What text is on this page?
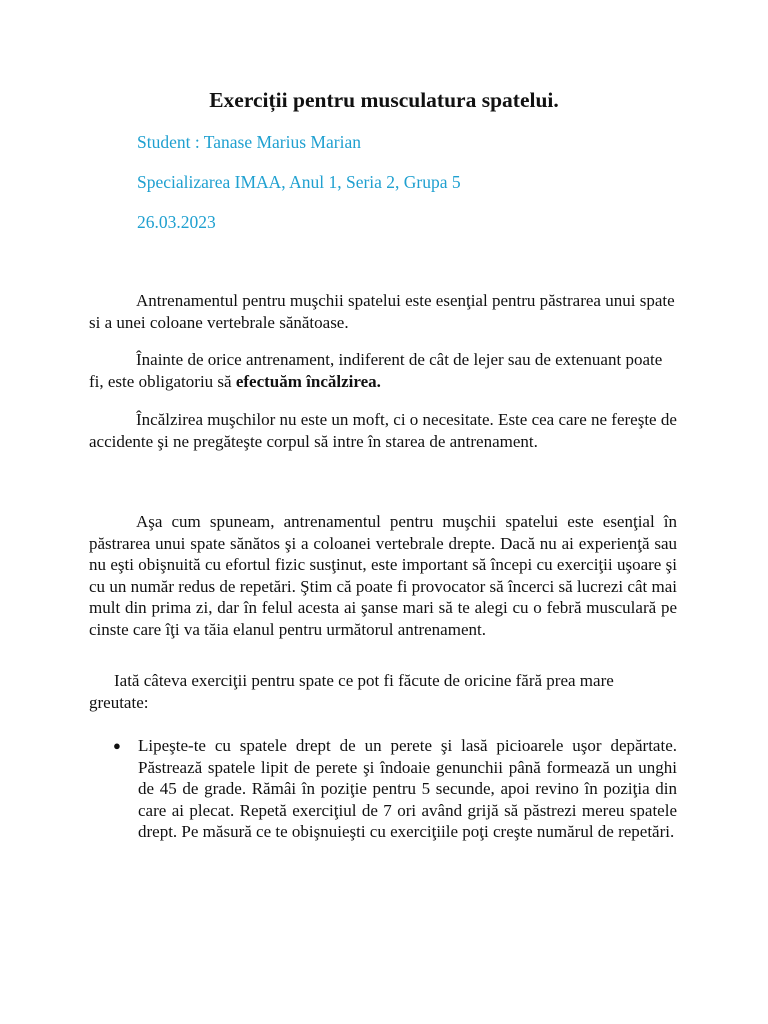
Exerciții pentru musculatura spatelui.

Student : Tanase Marius Marian

Specializarea IMAA, Anul 1, Seria 2, Grupa 5

26.03.2023

Antrenamentul pentru muşchii spatelui este esenţial pentru păstrarea unui spate si a unei coloane vertebrale sănătoase.

Înainte de orice antrenament, indiferent de cât de lejer sau de extenuant poate fi, este obligatoriu să efectuăm încălzirea.

Încălzirea muşchilor nu este un moft, ci o necesitate. Este cea care ne fereşte de accidente şi ne pregăteşte corpul să intre în starea de antrenament.

Aşa cum spuneam, antrenamentul pentru muşchii spatelui este esenţial în păstrarea unui spate sănătos şi a coloanei vertebrale drepte. Dacă nu ai experienţă sau nu eşti obişnuită cu efortul fizic susţinut, este important să începi cu exerciţii uşoare şi cu un număr redus de repetări. Ştim că poate fi provocator să încerci să lucrezi cât mai mult din prima zi, dar în felul acesta ai şanse mari să te alegi cu o febră musculară pe cinste care îţi va tăia elanul pentru următorul antrenament.

Iată câteva exerciţii pentru spate ce pot fi făcute de oricine fără prea mare greutate:

● Lipeşte-te cu spatele drept de un perete şi lasă picioarele uşor depărtate. Păstrează spatele lipit de perete şi îndoaie genunchii până formează un unghi de 45 de grade. Rămâi în poziţie pentru 5 secunde, apoi revino în poziţia din care ai plecat. Repetă exerciţiul de 7 ori având grijă să păstrezi mereu spatele drept. Pe măsură ce te obişnuieşti cu exerciţiile poţi creşte numărul de repetări.
